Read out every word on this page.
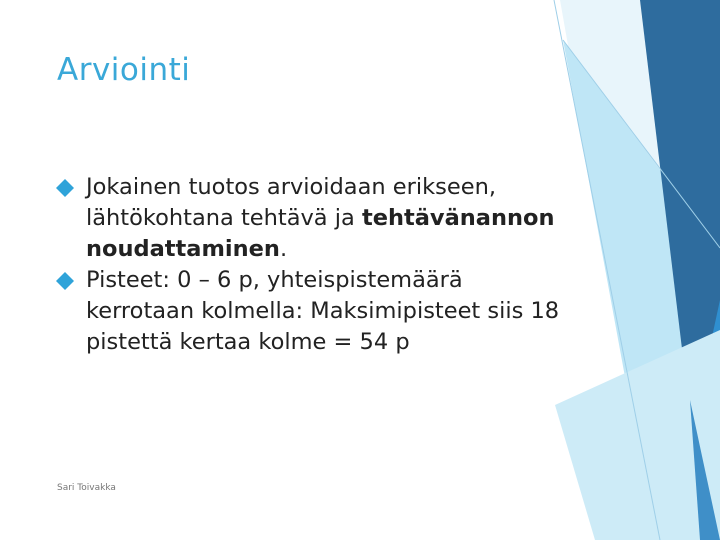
Arviointi
Jokainen tuotos arvioidaan erikseen, lähtökohtana tehtävä ja tehtävänannon noudattaminen.
Pisteet: 0 – 6 p, yhteispistemäärä kerrotaan kolmella: Maksimipisteet siis 18 pistettä kertaa kolme = 54 p
Sari Toivakka
